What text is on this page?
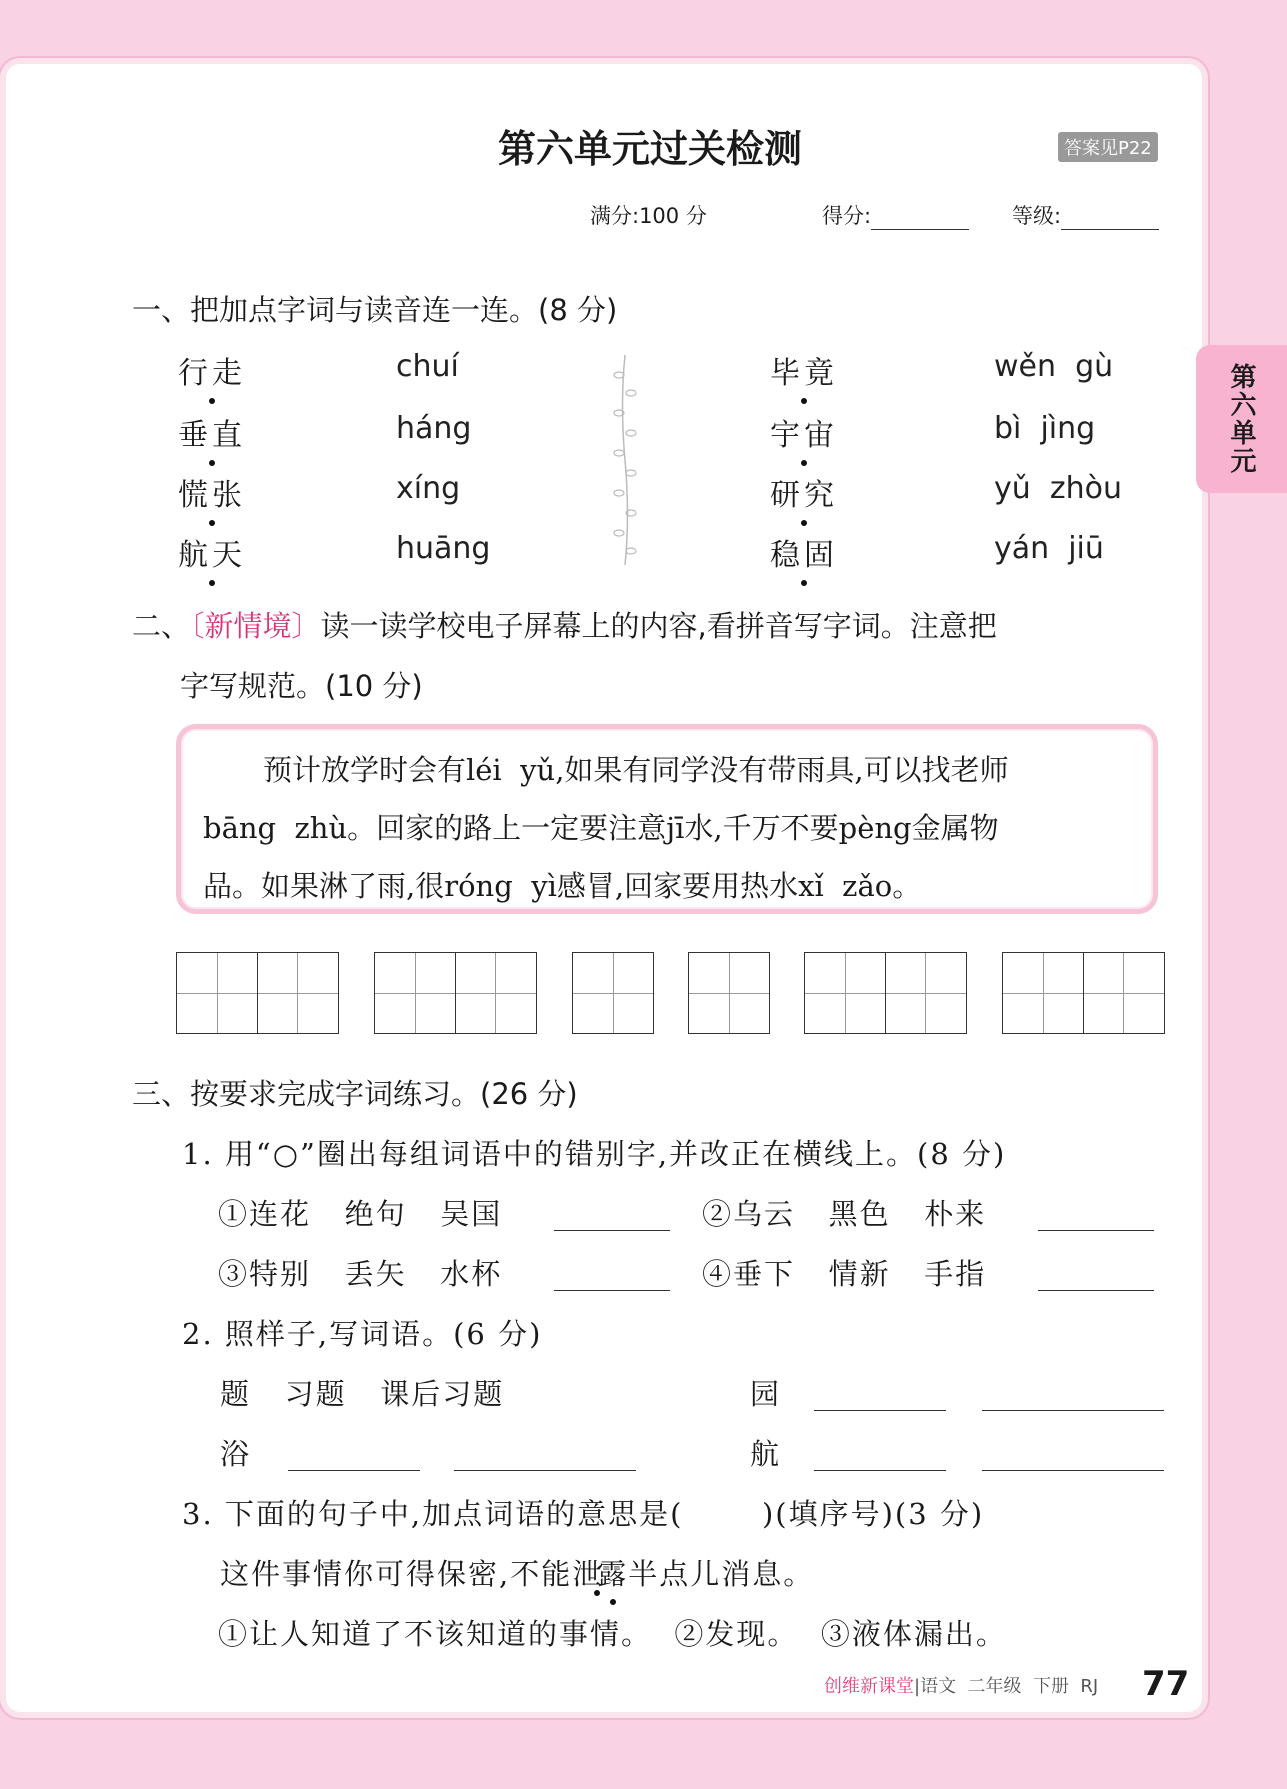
第六单元
第六单元过关检测	答案见P22
满分:100 分	得分:	等级:
一、把加点字词与读音连一连。(8 分)
行走
垂直
慌张
航天
chuí
háng
xíng
huāng
毕竟
宇宙
研究
稳固
wěn  gù
bì  jìng
yǔ  zhòu
yán  jiū
二、〔新情境〕读一读学校电子屏幕上的内容,看拼音写字词。注意把
字写规范。(10 分)
预计放学时会有léi  yǔ,如果有同学没有带雨具,可以找老师
bāng  zhù。回家的路上一定要注意jī水,千万不要pèng金属物
品。如果淋了雨,很róng  yì感冒,回家要用热水xǐ  zǎo。
三、按要求完成字词练习。(26 分)
1. 用“○”圈出每组词语中的错别字,并改正在横线上。(8 分)
①连花   绝句   吴国	②乌云   黑色   朴来
③特别   丢矢   水杯	④垂下   情新   手指
2. 照样子,写词语。(6 分)
题   习题   课后习题	园
浴	航
3. 下面的句子中,加点词语的意思是(       )(填序号)(3 分)
这件事情你可得保密,不能泄露半点儿消息。
①让人知道了不该知道的事情。  ②发现。  ③液体漏出。
创维新课堂|语文  二年级  下册  RJ 77
